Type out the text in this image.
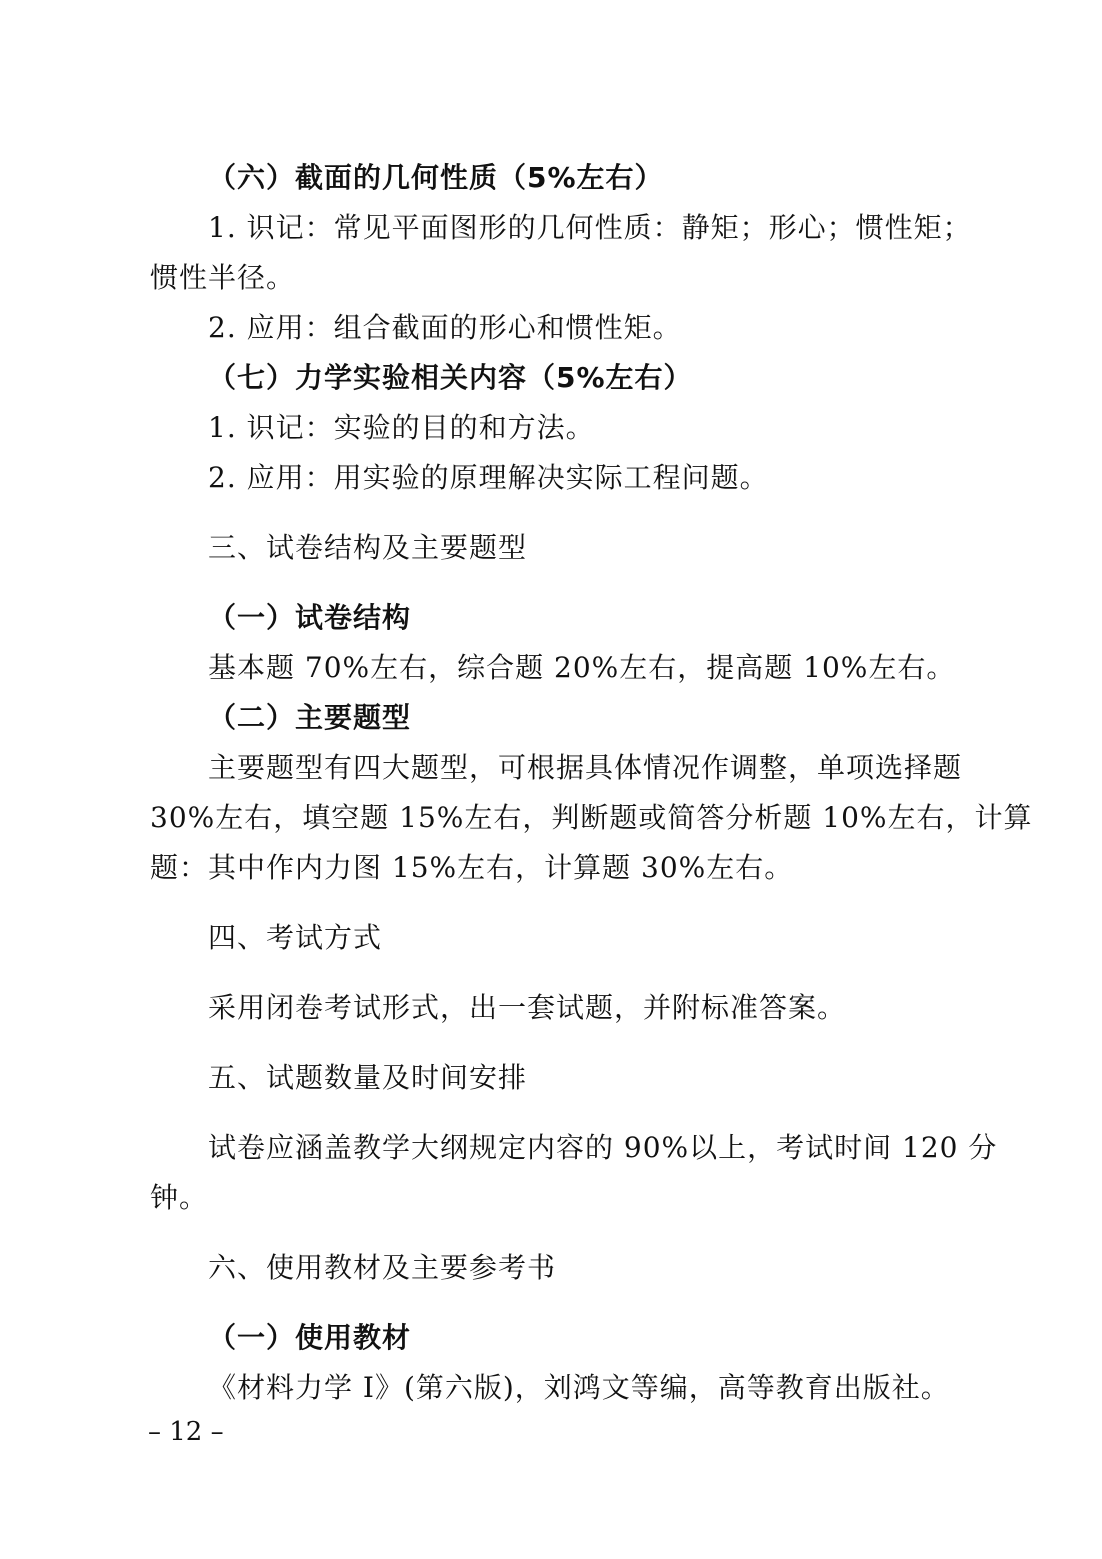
（六）截面的几何性质（5%左右）
1. 识记：常见平面图形的几何性质：静矩；形心；惯性矩；
惯性半径。
2. 应用：组合截面的形心和惯性矩。
（七）力学实验相关内容（5%左右）
1. 识记：实验的目的和方法。
2. 应用：用实验的原理解决实际工程问题。
三、试卷结构及主要题型
（一）试卷结构
基本题 70%左右，综合题 20%左右，提高题 10%左右。
（二）主要题型
主要题型有四大题型，可根据具体情况作调整，单项选择题
30%左右，填空题 15%左右，判断题或简答分析题 10%左右，计算
题：其中作内力图 15%左右，计算题 30%左右。
四、考试方式
采用闭卷考试形式，出一套试题，并附标准答案。
五、试题数量及时间安排
试卷应涵盖教学大纲规定内容的 90%以上，考试时间 120 分
钟。
六、使用教材及主要参考书
（一）使用教材
《材料力学 I》(第六版)，刘鸿文等编，高等教育出版社。
– 12 –
